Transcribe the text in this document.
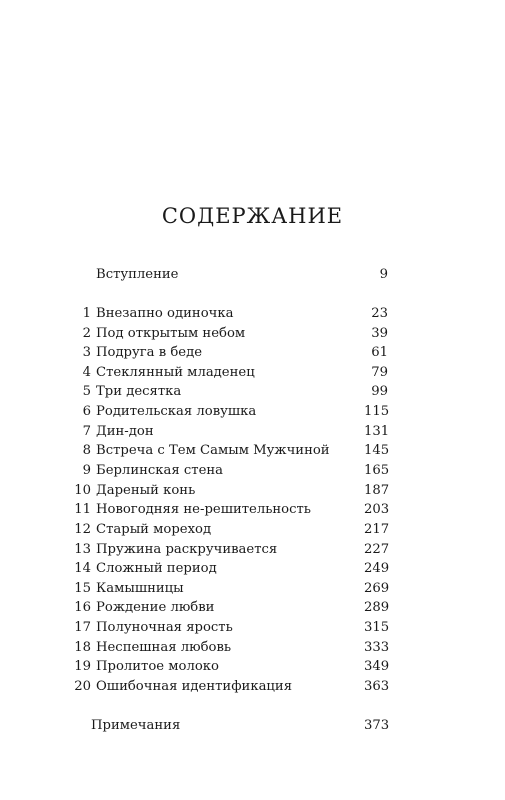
СОДЕРЖАНИЕ
Вступление	9
1 Внезапно одиночка	23
2 Под открытым небом	39
3 Подруга в беде	61
4 Стеклянный младенец	79
5 Три десятка	99
6 Родительская ловушка	115
7 Дин-дон	131
8 Встреча с Тем Самым Мужчиной	145
9 Берлинская стена	165
10 Дареный конь	187
11 Новогодняя не-решительность	203
12 Старый мореход	217
13 Пружина раскручивается	227
14 Сложный период	249
15 Камышницы	269
16 Рождение любви	289
17 Полуночная ярость	315
18 Неспешная любовь	333
19 Пролитое молоко	349
20 Ошибочная идентификация	363
Примечания	373
